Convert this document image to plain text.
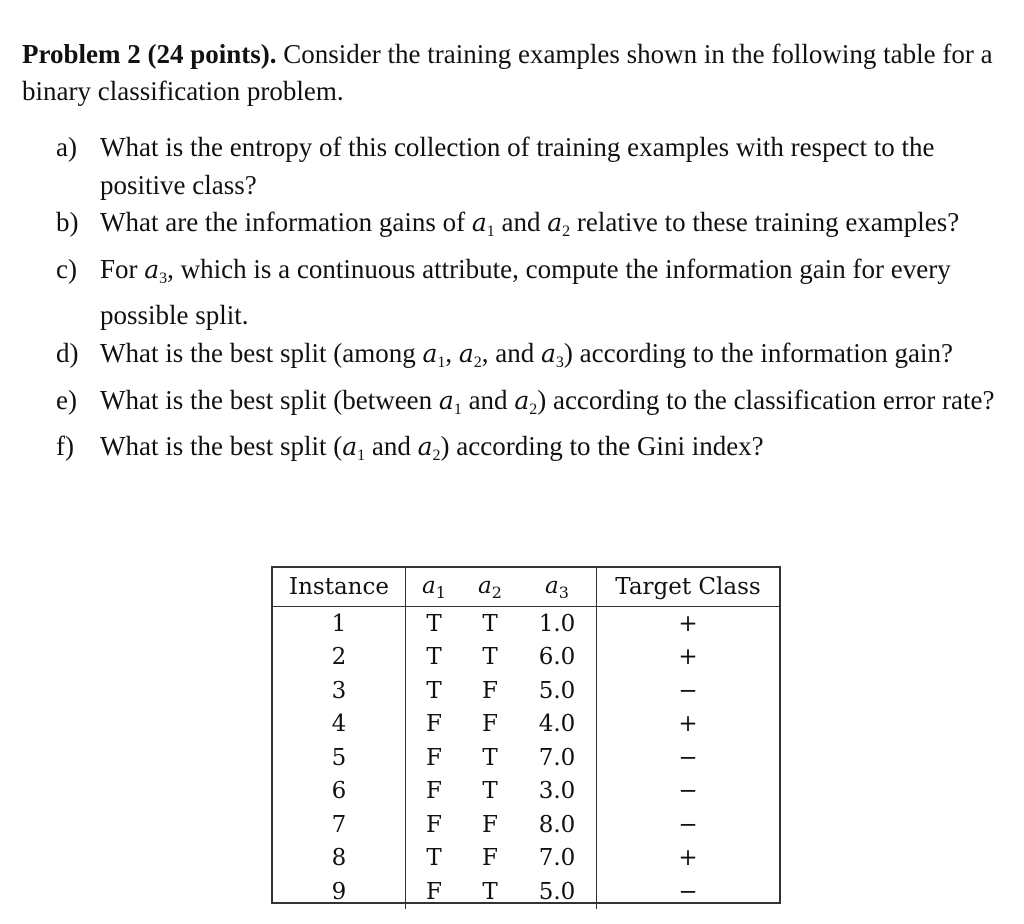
Problem 2 (24 points). Consider the training examples shown in the following table for a binary classification problem.
a) What is the entropy of this collection of training examples with respect to the positive class?
b) What are the information gains of $a_1$ and $a_2$ relative to these training examples?
c) For $a_3$, which is a continuous attribute, compute the information gain for every possible split.
d) What is the best split (among $a_1$, $a_2$, and $a_3$) according to the information gain?
e) What is the best split (between $a_1$ and $a_2$) according to the classification error rate?
f) What is the best split ($a_1$ and $a_2$) according to the Gini index?
Instance	$a_1$	$a_2$	$a_3$	Target Class
1	T	T	1.0	+
2	T	T	6.0	+
3	T	F	5.0	−
4	F	F	4.0	+
5	F	T	7.0	−
6	F	T	3.0	−
7	F	F	8.0	−
8	T	F	7.0	+
9	F	T	5.0	−
